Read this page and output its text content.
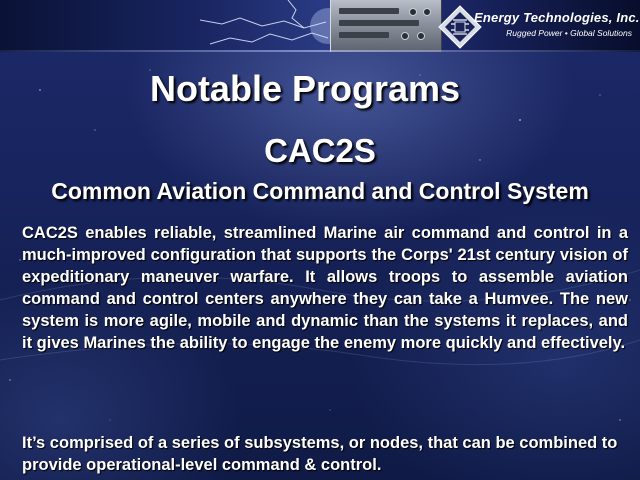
Energy Technologies, Inc.
Rugged Power • Global Solutions
Notable Programs
CAC2S
Common Aviation Command and Control System

CAC2S enables reliable, streamlined Marine air command and control in a much-improved configuration that supports the Corps' 21st century vision of expeditionary maneuver warfare. It allows troops to assemble aviation command and control centers anywhere they can take a Humvee. The new system is more agile, mobile and dynamic than the systems it replaces, and it gives Marines the ability to engage the enemy more quickly and effectively.

It’s comprised of a series of subsystems, or nodes, that can be combined to provide operational-level command & control.
